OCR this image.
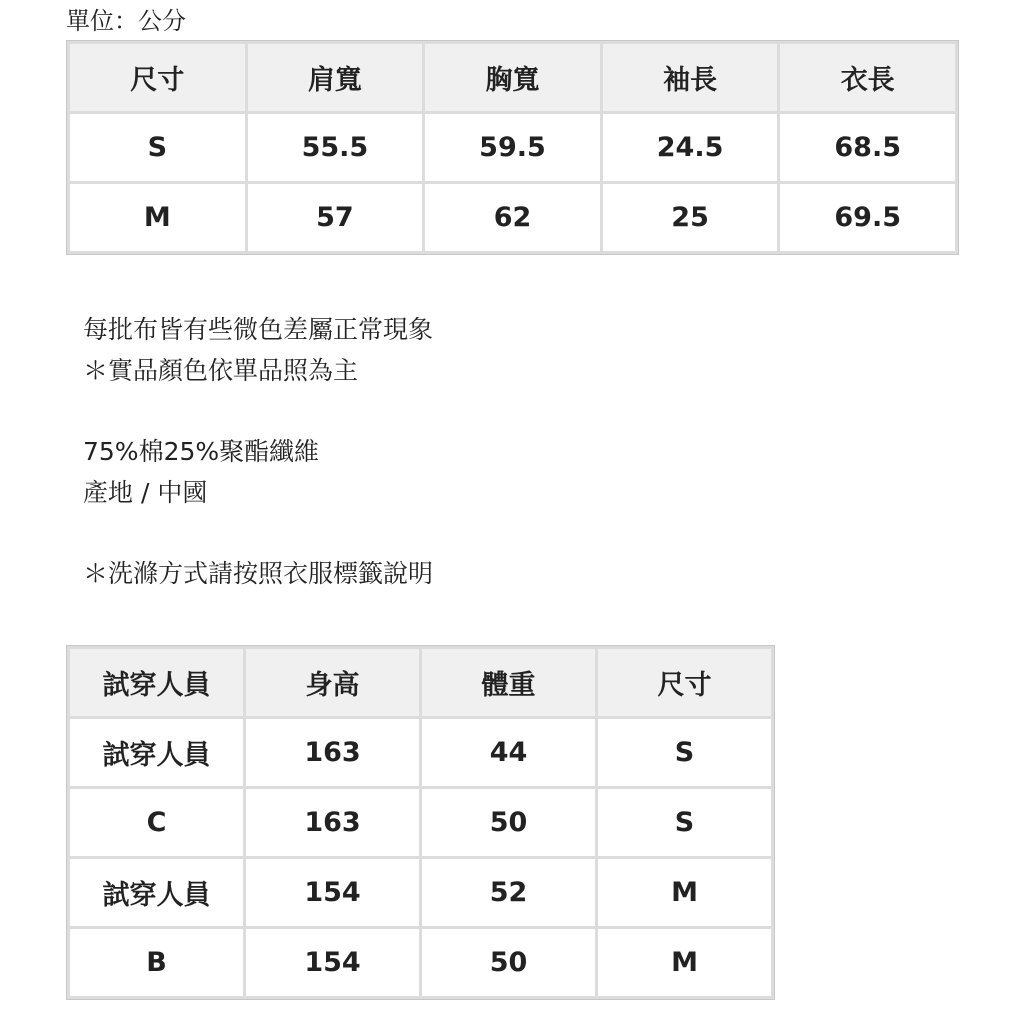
單位：公分
尺寸	肩寬	胸寬	袖長	衣長
S	55.5	59.5	24.5	68.5
M	57	62	25	69.5
每批布皆有些微色差屬正常現象
＊實品顏色依單品照為主
75%棉25%聚酯纖維
產地 / 中國
＊洗滌方式請按照衣服標籤說明
試穿人員	身高	體重	尺寸
試穿人員	163	44	S
C	163	50	S
試穿人員	154	52	M
B	154	50	M
